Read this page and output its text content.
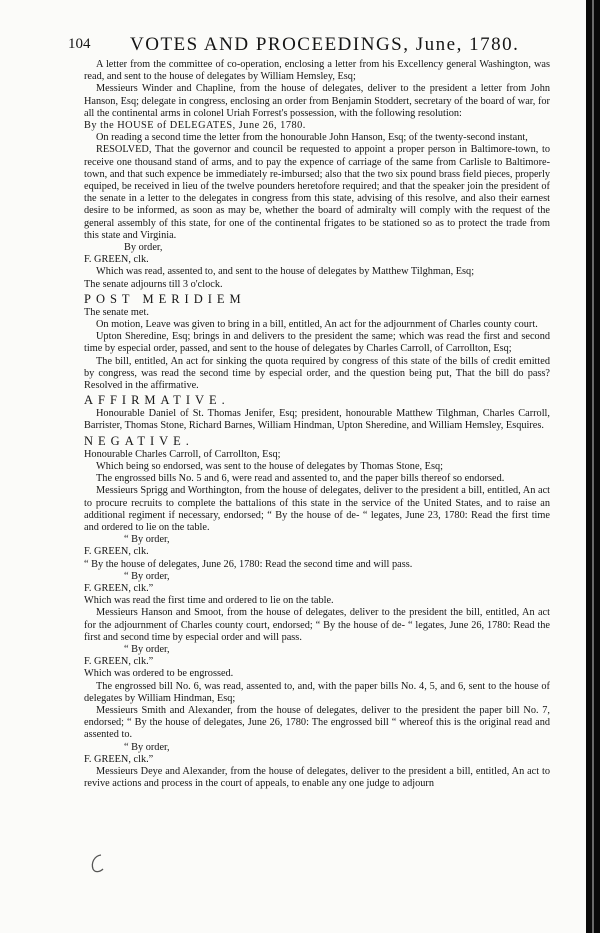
104 VOTES AND PROCEEDINGS, June, 1780.

A letter from the committee of co-operation, enclosing a letter from his Excellency general Washington, was read, and sent to the house of delegates by William Hemsley, Esq;

Messieurs Winder and Chapline, from the house of delegates, deliver to the president a letter from John Hanson, Esq; delegate in congress, enclosing an order from Benjamin Stoddert, secretary of the board of war, for all the continental arms in colonel Uriah Forrest's possession, with the following resolution:

By the HOUSE of DELEGATES, June 26, 1780.

On reading a second time the letter from the honourable John Hanson, Esq; of the twenty-second instant,

RESOLVED, That the governor and council be requested to appoint a proper person in Baltimore-town, to receive one thousand stand of arms, and to pay the expence of carriage of the same from Carlisle to Baltimore-town, and that such expence be immediately re-imbursed; also that the two six pound brass field pieces, properly equiped, be received in lieu of the twelve pounders heretofore required; and that the speaker join the president of the senate in a letter to the delegates in congress from this state, advising of this resolve, and also their earnest desire to be informed, as soon as may be, whether the board of admiralty will comply with the request of the general assembly of this state, for one of the continental frigates to be stationed so as to protect the trade from this state and Virginia.

By order,

F. GREEN, clk.

Which was read, assented to, and sent to the house of delegates by Matthew Tilghman, Esq;

The senate adjourns till 3 o'clock.

POST MERIDIEM

The senate met.

On motion, Leave was given to bring in a bill, entitled, An act for the adjournment of Charles county court.

Upton Sheredine, Esq; brings in and delivers to the president the same; which was read the first and second time by especial order, passed, and sent to the house of delegates by Charles Carroll, of Carrollton, Esq;

The bill, entitled, An act for sinking the quota required by congress of this state of the bills of credit emitted by congress, was read the second time by especial order, and the question being put, That the bill do pass? Resolved in the affirmative.

AFFIRMATIVE.

Honourable Daniel of St. Thomas Jenifer, Esq; president, honourable Matthew Tilghman, Charles Carroll, Barrister, Thomas Stone, Richard Barnes, William Hindman, Upton Sheredine, and William Hemsley, Esquires.

NEGATIVE.

Honourable Charles Carroll, of Carrollton, Esq;

Which being so endorsed, was sent to the house of delegates by Thomas Stone, Esq;

The engrossed bills No. 5 and 6, were read and assented to, and the paper bills thereof so endorsed.

Messieurs Sprigg and Worthington, from the house of delegates, deliver to the president a bill, entitled, An act to procure recruits to complete the battalions of this state in the service of the United States, and to raise an additional regiment if necessary, endorsed; “ By the house of de- “ legates, June 23, 1780: Read the first time and ordered to lie on the table.

“ By order,

F. GREEN, clk.

“ By the house of delegates, June 26, 1780: Read the second time and will pass.

“ By order,

F. GREEN, clk.”

Which was read the first time and ordered to lie on the table.

Messieurs Hanson and Smoot, from the house of delegates, deliver to the president the bill, entitled, An act for the adjournment of Charles county court, endorsed; “ By the house of de- “ legates, June 26, 1780: Read the first and second time by especial order and will pass.

“ By order,

F. GREEN, clk.”

Which was ordered to be engrossed.

The engrossed bill No. 6, was read, assented to, and, with the paper bills No. 4, 5, and 6, sent to the house of delegates by William Hindman, Esq;

Messieurs Smith and Alexander, from the house of delegates, deliver to the president the paper bill No. 7, endorsed; “ By the house of delegates, June 26, 1780: The engrossed bill “ whereof this is the original read and assented to.

“ By order,

F. GREEN, clk.”

Messieurs Deye and Alexander, from the house of delegates, deliver to the president a bill, entitled, An act to revive actions and process in the court of appeals, to enable any one judge to adjourn
